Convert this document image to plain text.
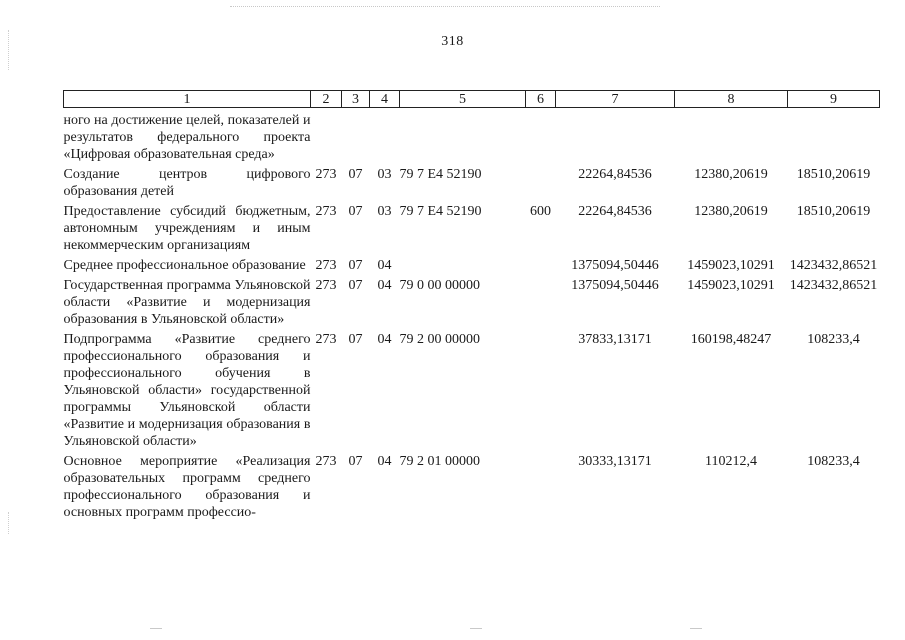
318
1	2	3	4	5	6	7	8	9
ного на достижение целей, показателей и результатов федерального проекта «Цифровая образовательная среда»								
Создание центров цифрового образования детей	273	07	03	79 7 E4 52190		22264,84536	12380,20619	18510,20619
Предоставление субсидий бюджетным, автономным учреждениям и иным некоммерческим организациям	273	07	03	79 7 E4 52190	600	22264,84536	12380,20619	18510,20619
Среднее профессиональное образование	273	07	04			1375094,50446	1459023,10291	1423432,86521
Государственная программа Ульяновской области «Развитие и модернизация образования в Ульяновской области»	273	07	04	79 0 00 00000		1375094,50446	1459023,10291	1423432,86521
Подпрограмма «Развитие среднего профессионального образования и профессионального обучения в Ульяновской области» государственной программы Ульяновской области «Развитие и модернизация образования в Ульяновской области»	273	07	04	79 2 00 00000		37833,13171	160198,48247	108233,4
Основное мероприятие «Реализация образовательных программ среднего профессионального образования и основных программ профессио-	273	07	04	79 2 01 00000		30333,13171	110212,4	108233,4
